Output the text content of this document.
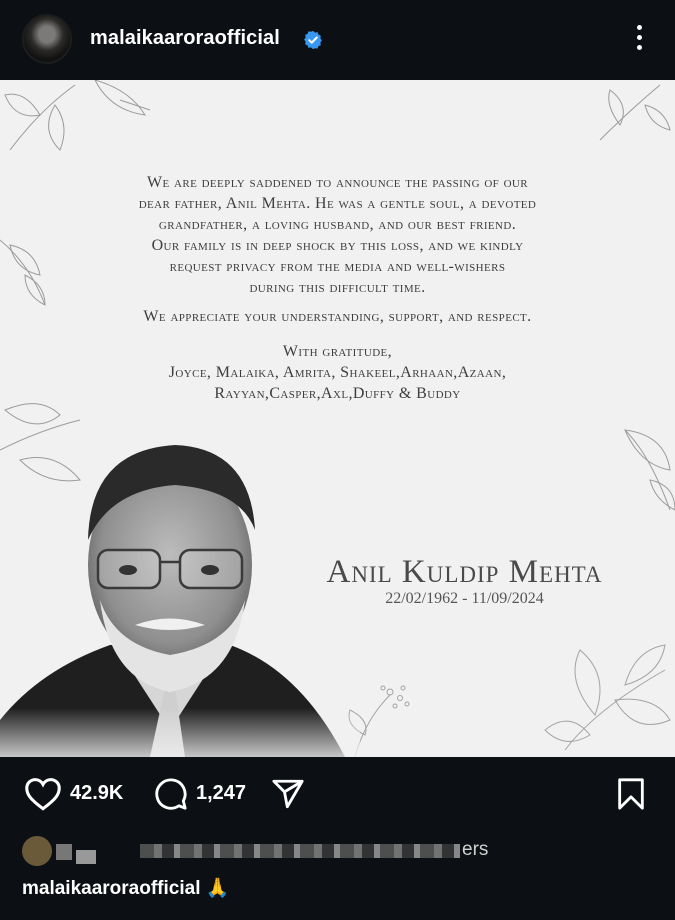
malaikaaroraofficial

We are deeply saddened to announce the passing of our

dear father, Anil Mehta. He was a gentle soul, a devoted

grandfather, a loving husband, and our best friend.

Our family is in deep shock by this loss, and we kindly

request privacy from the media and well-wishers

during this difficult time.

We appreciate your understanding, support, and respect.

With gratitude,

Joyce, Malaika, Amrita, Shakeel,Arhaan,Azaan,

Rayyan,Casper,Axl,Duffy & Buddy

Anil Kuldip Mehta
22/02/1962 - 11/09/2024
42.9K	1,247
ers
malaikaaroraofficial 🙏
